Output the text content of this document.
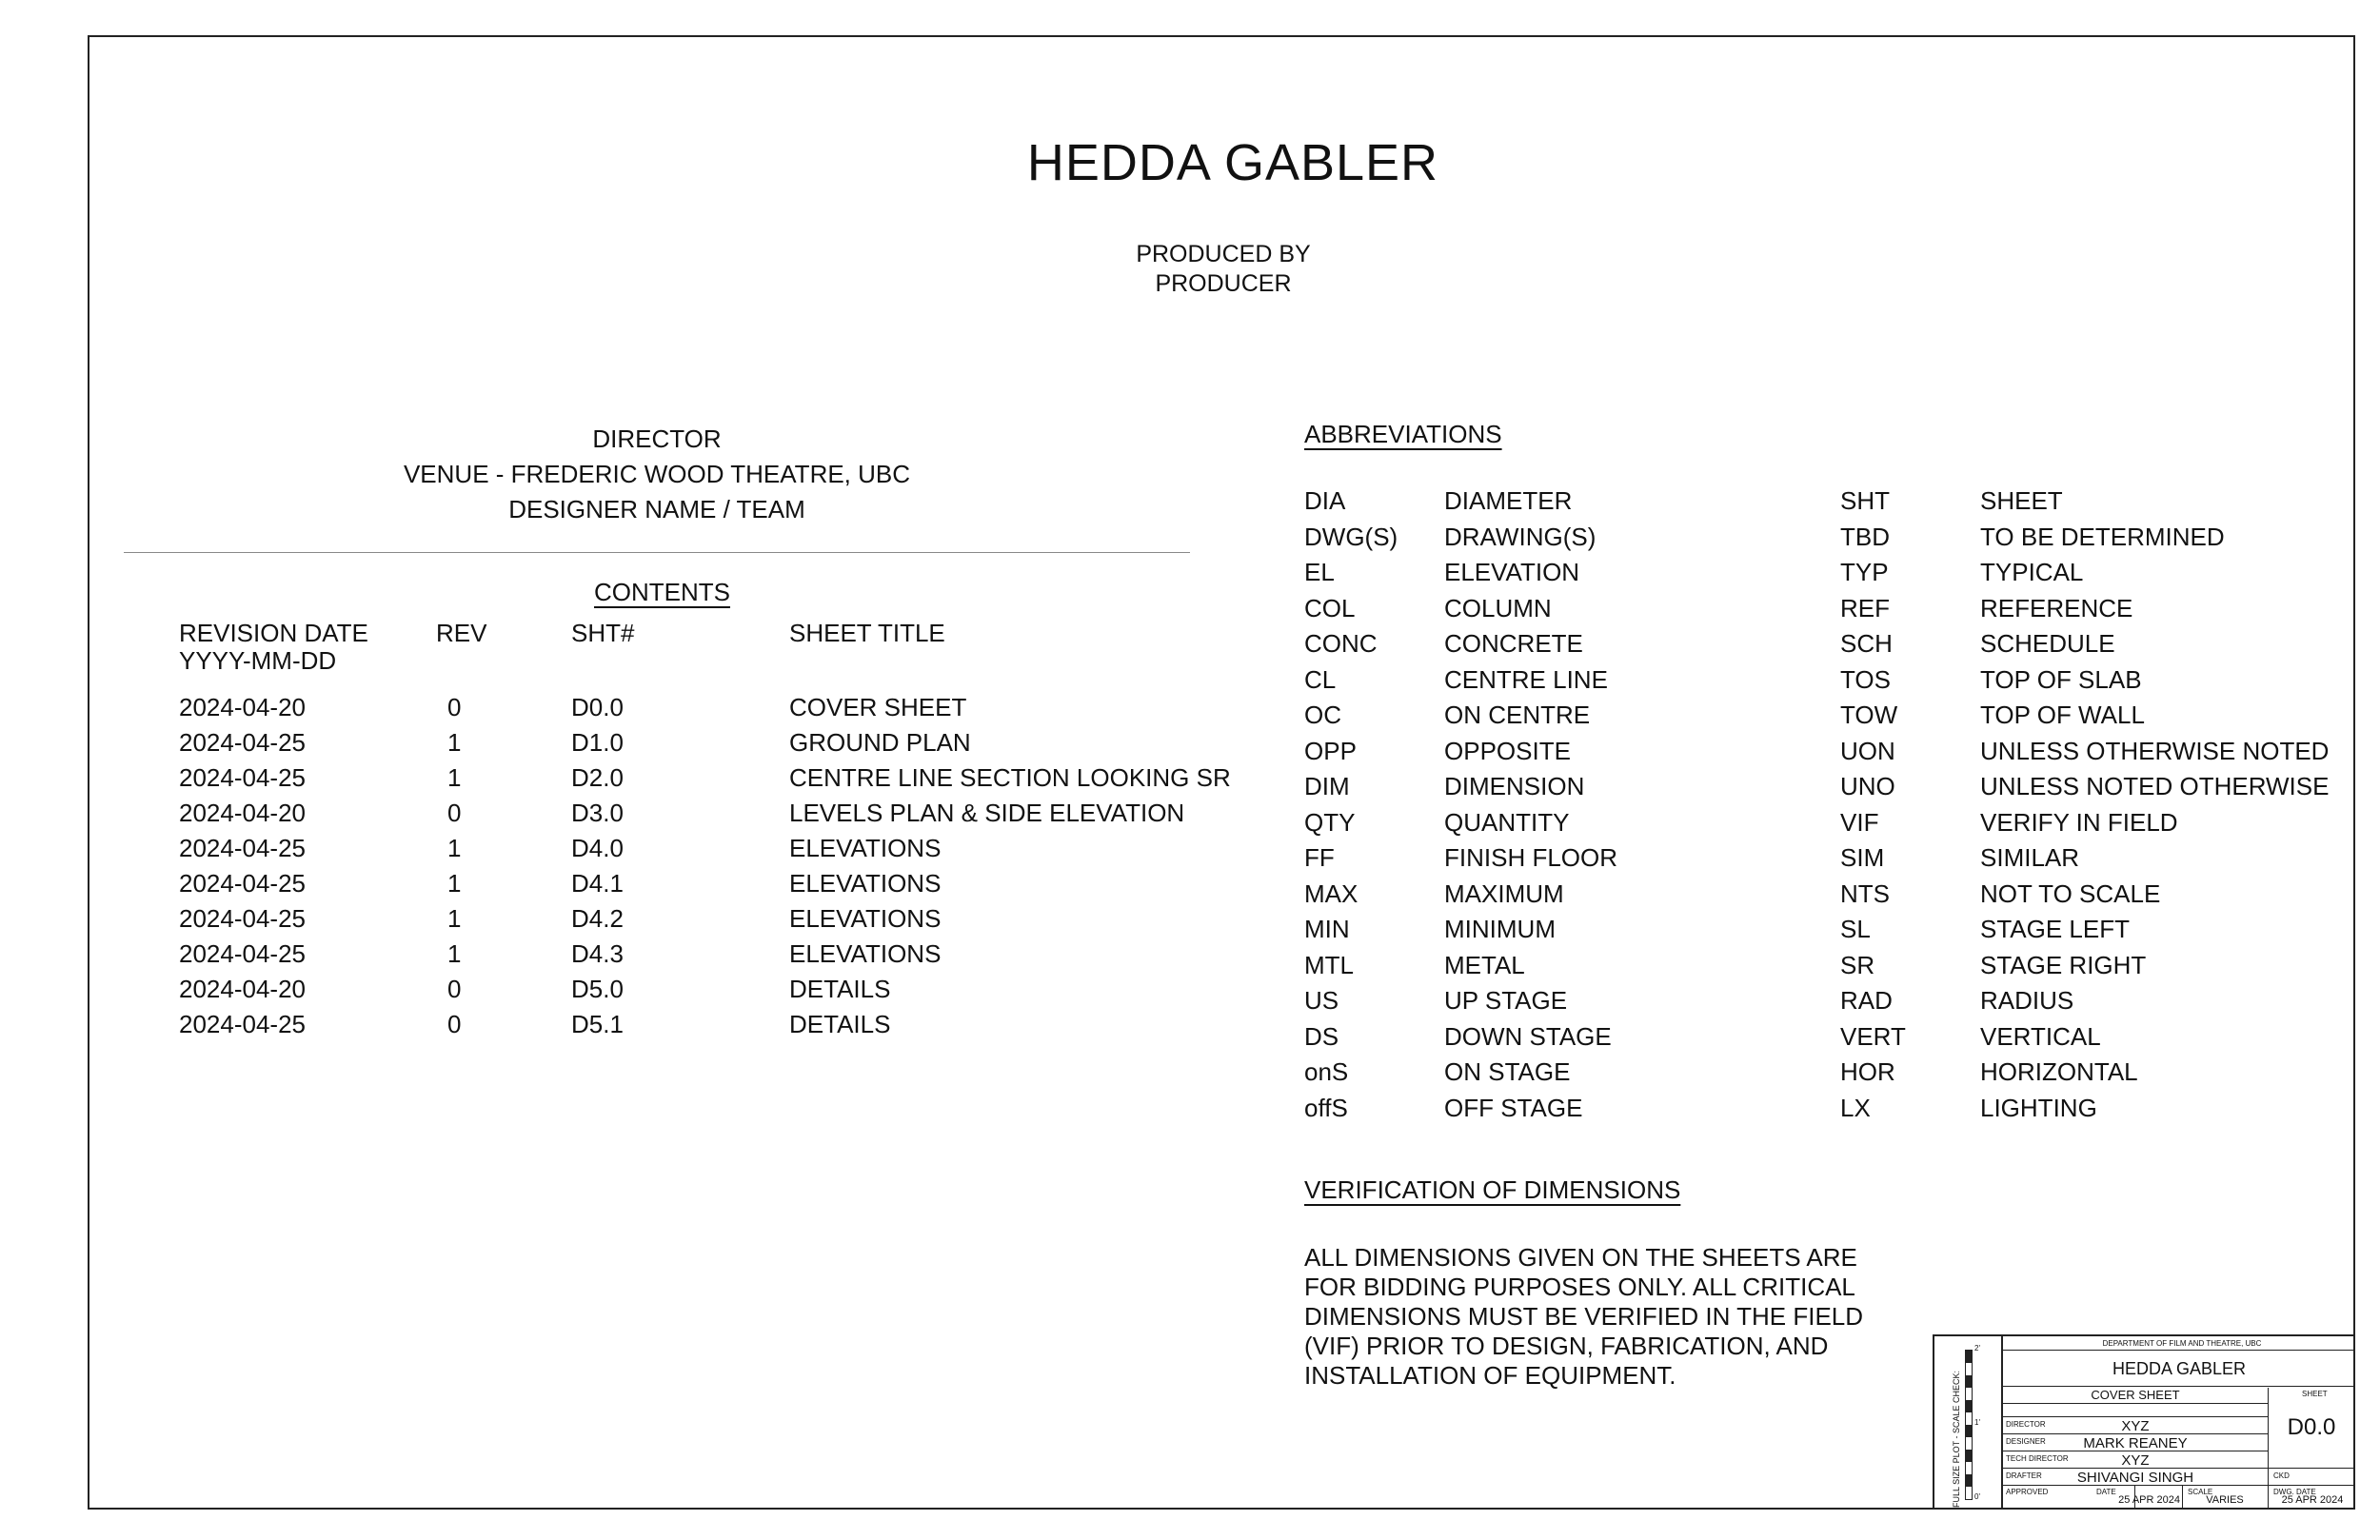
HEDDA GABLER
PRODUCED BY
PRODUCER
DIRECTOR
VENUE - FREDERIC WOOD THEATRE, UBC
DESIGNER NAME / TEAM
CONTENTS
REVISION DATE
YYYY-MM-DD
REV	SHT#	SHEET TITLE
2024-04-20	0	D0.0	COVER SHEET
2024-04-25	1	D1.0	GROUND PLAN
2024-04-25	1	D2.0	CENTRE LINE SECTION LOOKING SR
2024-04-20	0	D3.0	LEVELS PLAN & SIDE ELEVATION
2024-04-25	1	D4.0	ELEVATIONS
2024-04-25	1	D4.1	ELEVATIONS
2024-04-25	1	D4.2	ELEVATIONS
2024-04-25	1	D4.3	ELEVATIONS
2024-04-20	0	D5.0	DETAILS
2024-04-25	0	D5.1	DETAILS
ABBREVIATIONS
DIA	DIAMETER
DWG(S) DRAWING(S)
EL	ELEVATION
COL	COLUMN
CONC	CONCRETE
CL	CENTRE LINE
OC	ON CENTRE
OPP	OPPOSITE
DIM	DIMENSION
QTY	QUANTITY
FF	FINISH FLOOR
MAX	MAXIMUM
MIN	MINIMUM
MTL	METAL
US	UP STAGE
DS	DOWN STAGE
onS	ON STAGE
offS	OFF STAGE
SHT	SHEET
TBD	TO BE DETERMINED
TYP	TYPICAL
REF	REFERENCE
SCH	SCHEDULE
TOS	TOP OF SLAB
TOW	TOP OF WALL
UON	UNLESS OTHERWISE NOTED
UNO	UNLESS NOTED OTHERWISE
VIF	VERIFY IN FIELD
SIM	SIMILAR
NTS	NOT TO SCALE
SL	STAGE LEFT
SR	STAGE RIGHT
RAD	RADIUS
VERT	VERTICAL
HOR	HORIZONTAL
LX	LIGHTING
VERIFICATION OF DIMENSIONS
ALL DIMENSIONS GIVEN ON THE SHEETS ARE
FOR BIDDING PURPOSES ONLY. ALL CRITICAL
DIMENSIONS MUST BE VERIFIED IN THE FIELD
(VIF) PRIOR TO DESIGN, FABRICATION, AND
INSTALLATION OF EQUIPMENT.
DEPARTMENT OF FILM AND THEATRE, UBC
HEDDA GABLER
COVER SHEET	SHEET
D0.0
DIRECTOR	XYZ
DESIGNER	MARK REANEY
TECH DIRECTOR	XYZ
DRAFTER	SHIVANGI SINGH	CKD
APPROVED	DATE
25 APR 2024
SCALE
VARIES
DWG. DATE
25 APR 2024
FULL SIZE PLOT - SCALE CHECK:
2'
1'
0'
